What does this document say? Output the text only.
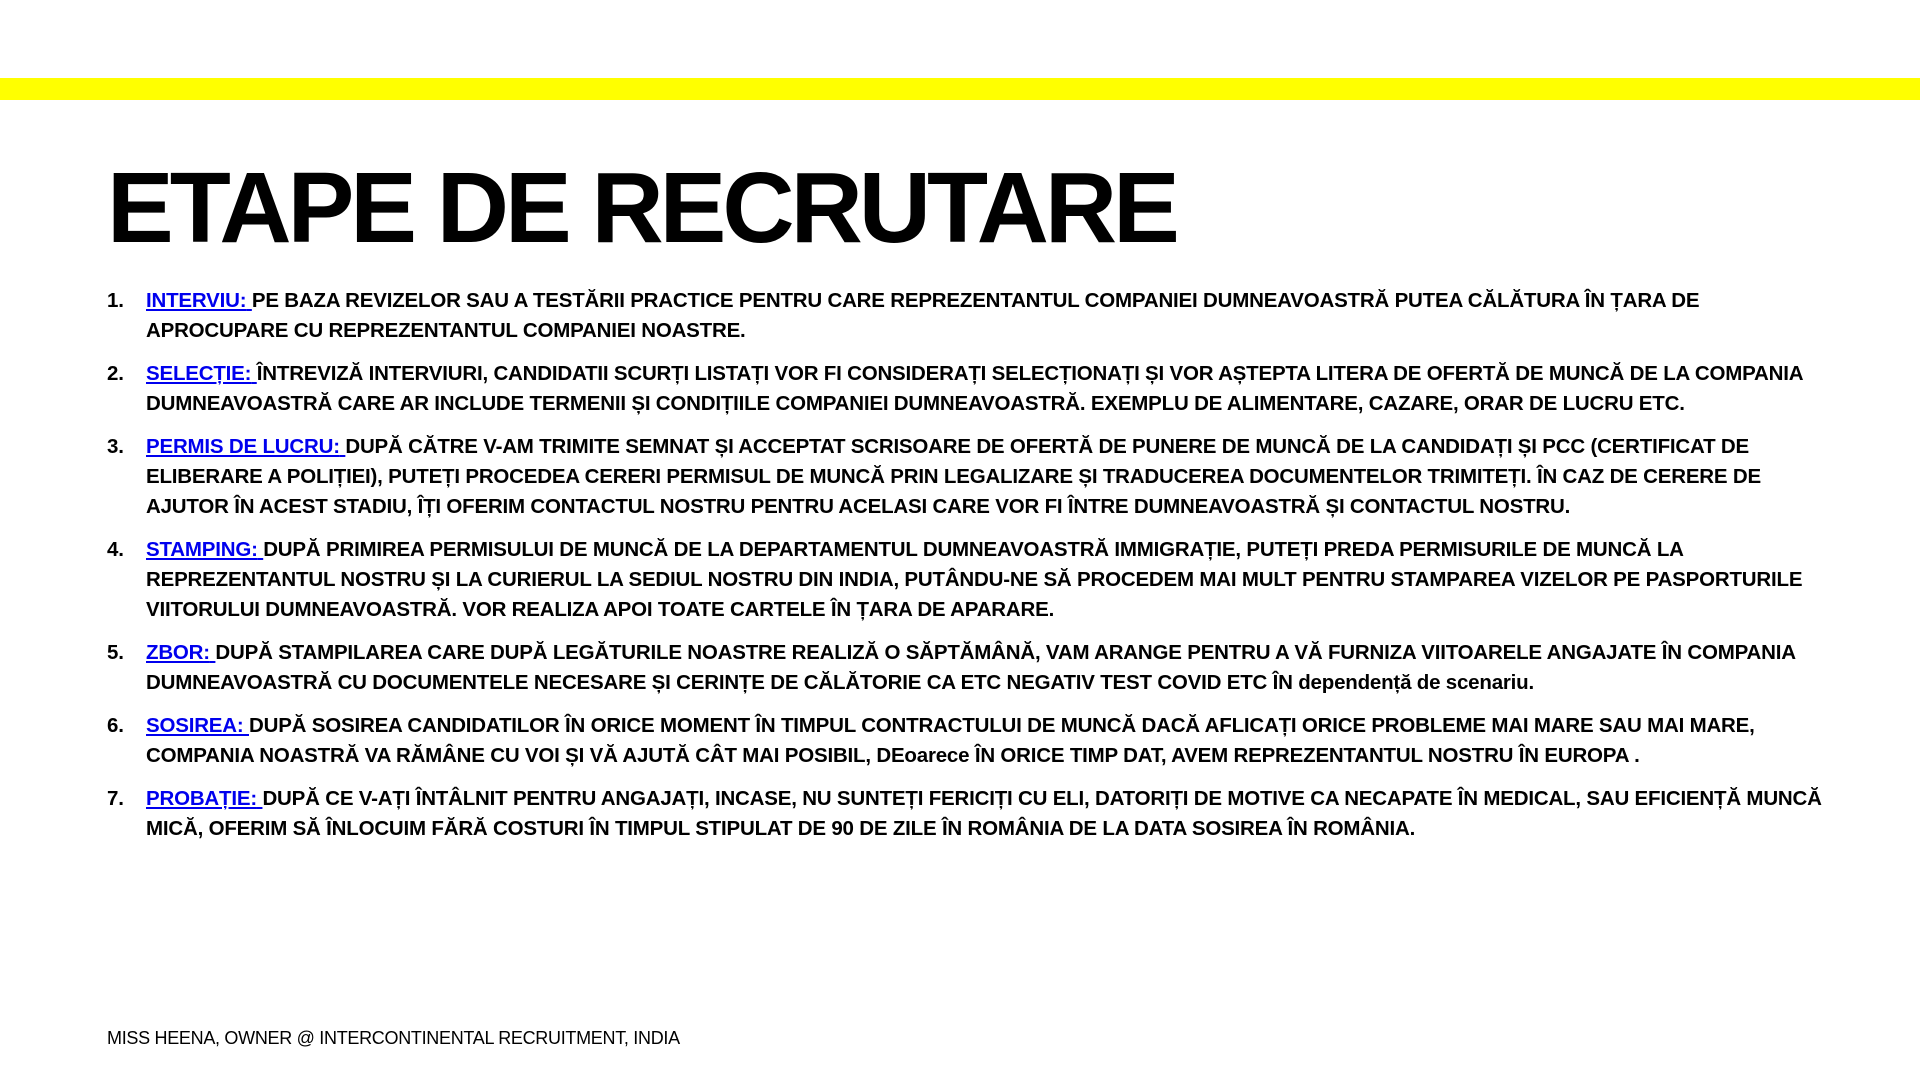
ETAPE DE RECRUTARE
1. INTERVIU: PE BAZA REVIZELOR SAU A TESTĂRII PRACTICE PENTRU CARE REPREZENTANTUL COMPANIEI DUMNEAVOASTRĂ PUTEA CĂLĂTURA ÎN ȚARA DE APROCUPARE CU REPREZENTANTUL COMPANIEI NOASTRE.
2. SELECȚIE: ÎNTREVIZĂ INTERVIURI, CANDIDATII SCURȚI LISTAȚI VOR FI CONSIDERAȚI SELECȚIONAȚI ȘI VOR AȘTEPTA LITERA DE OFERTĂ DE MUNCĂ DE LA COMPANIA DUMNEAVOASTRĂ CARE AR INCLUDE TERMENII ȘI CONDIȚIILE COMPANIEI DUMNEAVOASTRĂ. EXEMPLU DE ALIMENTARE, CAZARE, ORAR DE LUCRU ETC.
3. PERMIS DE LUCRU: DUPĂ CĂTRE V-AM TRIMITE SEMNAT ȘI ACCEPTAT SCRISOARE DE OFERTĂ DE PUNERE DE MUNCĂ DE LA CANDIDAȚI ȘI PCC (CERTIFICAT DE ELIBERARE A POLIȚIEI), PUTEȚI PROCEDEA CERERI PERMISUL DE MUNCĂ PRIN LEGALIZARE ȘI TRADUCEREA DOCUMENTELOR TRIMITEȚI. ÎN CAZ DE CERERE DE AJUTOR ÎN ACEST STADIU, ÎȚI OFERIM CONTACTUL NOSTRU PENTRU ACELASI CARE VOR FI ÎNTRE DUMNEAVOASTRĂ ȘI CONTACTUL NOSTRU.
4. STAMPING: DUPĂ PRIMIREA PERMISULUI DE MUNCĂ DE LA DEPARTAMENTUL DUMNEAVOASTRĂ IMMIGRAȚIE, PUTEȚI PREDA PERMISURILE DE MUNCĂ LA REPREZENTANTUL NOSTRU ȘI LA CURIERUL LA SEDIUL NOSTRU DIN INDIA, PUTÂNDU-NE SĂ PROCEDEM MAI MULT PENTRU STAMPAREA VIZELOR PE PASPORTURILE VIITORULUI DUMNEAVOASTRĂ. VOR REALIZA APOI TOATE CARTELE ÎN ȚARA DE APARARE.
5. ZBOR: DUPĂ STAMPILAREA CARE DUPĂ LEGĂTURILE NOASTRE REALIZĂ O SĂPTĂMÂNĂ, VAM ARANGE PENTRU A VĂ FURNIZA VIITOARELE ANGAJATE ÎN COMPANIA DUMNEAVOASTRĂ CU DOCUMENTELE NECESARE ȘI CERINȚE DE CĂLĂTORIE CA ETC NEGATIV TEST COVID ETC ÎN dependență de scenariu.
6. SOSIREA: DUPĂ SOSIREA CANDIDATILOR ÎN ORICE MOMENT ÎN TIMPUL CONTRACTULUI DE MUNCĂ DACĂ AFLICAȚI ORICE PROBLEME MAI MARE SAU MAI MARE, COMPANIA NOASTRĂ VA RĂMÂNE CU VOI ȘI VĂ AJUTĂ CÂT MAI POSIBIL, DEoarece ÎN ORICE TIMP DAT, AVEM REPREZENTANTUL NOSTRU ÎN EUROPA .
7. PROBAȚIE: DUPĂ CE V-AȚI ÎNTÂLNIT PENTRU ANGAJAȚI, INCASE, NU SUNTEȚI FERICIȚI CU ELI, DATORIȚI DE MOTIVE CA NECAPATE ÎN MEDICAL, SAU EFICIENȚĂ MUNCĂ MICĂ, OFERIM SĂ ÎNLOCUIM FĂRĂ COSTURI ÎN TIMPUL STIPULAT DE 90 DE ZILE ÎN ROMÂNIA DE LA DATA SOSIREA ÎN ROMÂNIA.
MISS HEENA, OWNER @ INTERCONTINENTAL RECRUITMENT, INDIA
